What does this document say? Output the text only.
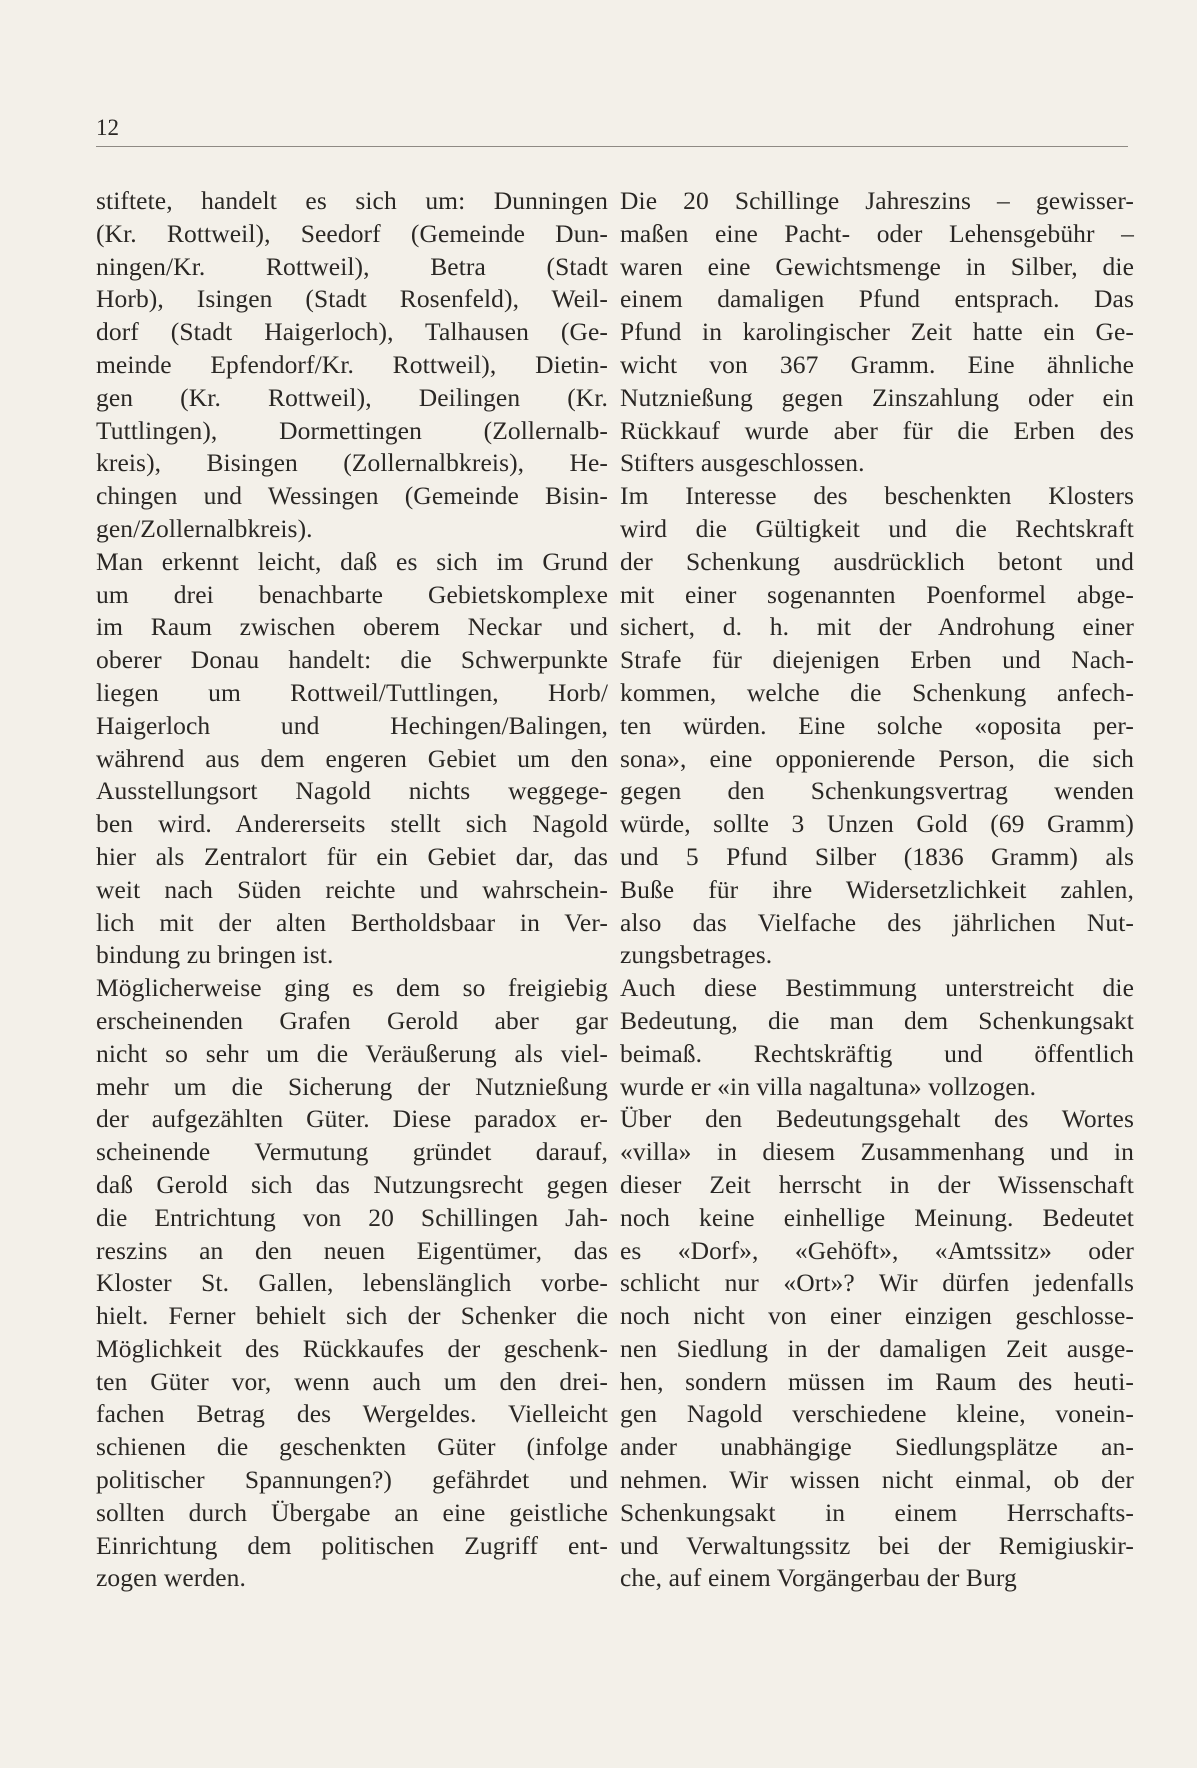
12
stiftete, handelt es sich um: Dunningen
(Kr. Rottweil), Seedorf (Gemeinde Dun-
ningen/Kr. Rottweil), Betra (Stadt
Horb), Isingen (Stadt Rosenfeld), Weil-
dorf (Stadt Haigerloch), Talhausen (Ge-
meinde Epfendorf/Kr. Rottweil), Dietin-
gen (Kr. Rottweil), Deilingen (Kr.
Tuttlingen), Dormettingen (Zollernalb-
kreis), Bisingen (Zollernalbkreis), He-
chingen und Wessingen (Gemeinde Bisin-
gen/Zollernalbkreis).
Man erkennt leicht, daß es sich im Grund
um drei benachbarte Gebietskomplexe
im Raum zwischen oberem Neckar und
oberer Donau handelt: die Schwerpunkte
liegen um Rottweil/Tuttlingen, Horb/
Haigerloch und Hechingen/Balingen,
während aus dem engeren Gebiet um den
Ausstellungsort Nagold nichts weggege-
ben wird. Andererseits stellt sich Nagold
hier als Zentralort für ein Gebiet dar, das
weit nach Süden reichte und wahrschein-
lich mit der alten Bertholdsbaar in Ver-
bindung zu bringen ist.
Möglicherweise ging es dem so freigiebig
erscheinenden Grafen Gerold aber gar
nicht so sehr um die Veräußerung als viel-
mehr um die Sicherung der Nutznießung
der aufgezählten Güter. Diese paradox er-
scheinende Vermutung gründet darauf,
daß Gerold sich das Nutzungsrecht gegen
die Entrichtung von 20 Schillingen Jah-
reszins an den neuen Eigentümer, das
Kloster St. Gallen, lebenslänglich vorbe-
hielt. Ferner behielt sich der Schenker die
Möglichkeit des Rückkaufes der geschenk-
ten Güter vor, wenn auch um den drei-
fachen Betrag des Wergeldes. Vielleicht
schienen die geschenkten Güter (infolge
politischer Spannungen?) gefährdet und
sollten durch Übergabe an eine geistliche
Einrichtung dem politischen Zugriff ent-
zogen werden.
Die 20 Schillinge Jahreszins – gewisser-
maßen eine Pacht- oder Lehensgebühr –
waren eine Gewichtsmenge in Silber, die
einem damaligen Pfund entsprach. Das
Pfund in karolingischer Zeit hatte ein Ge-
wicht von 367 Gramm. Eine ähnliche
Nutznießung gegen Zinszahlung oder ein
Rückkauf wurde aber für die Erben des
Stifters ausgeschlossen.
Im Interesse des beschenkten Klosters
wird die Gültigkeit und die Rechtskraft
der Schenkung ausdrücklich betont und
mit einer sogenannten Poenformel abge-
sichert, d. h. mit der Androhung einer
Strafe für diejenigen Erben und Nach-
kommen, welche die Schenkung anfech-
ten würden. Eine solche «oposita per-
sona», eine opponierende Person, die sich
gegen den Schenkungsvertrag wenden
würde, sollte 3 Unzen Gold (69 Gramm)
und 5 Pfund Silber (1836 Gramm) als
Buße für ihre Widersetzlichkeit zahlen,
also das Vielfache des jährlichen Nut-
zungsbetrages.
Auch diese Bestimmung unterstreicht die
Bedeutung, die man dem Schenkungsakt
beimaß. Rechtskräftig und öffentlich
wurde er «in villa nagaltuna» vollzogen.
Über den Bedeutungsgehalt des Wortes
«villa» in diesem Zusammenhang und in
dieser Zeit herrscht in der Wissenschaft
noch keine einhellige Meinung. Bedeutet
es «Dorf», «Gehöft», «Amtssitz» oder
schlicht nur «Ort»? Wir dürfen jedenfalls
noch nicht von einer einzigen geschlosse-
nen Siedlung in der damaligen Zeit ausge-
hen, sondern müssen im Raum des heuti-
gen Nagold verschiedene kleine, vonein-
ander unabhängige Siedlungsplätze an-
nehmen. Wir wissen nicht einmal, ob der
Schenkungsakt in einem Herrschafts-
und Verwaltungssitz bei der Remigiuskir-
che, auf einem Vorgängerbau der Burg
